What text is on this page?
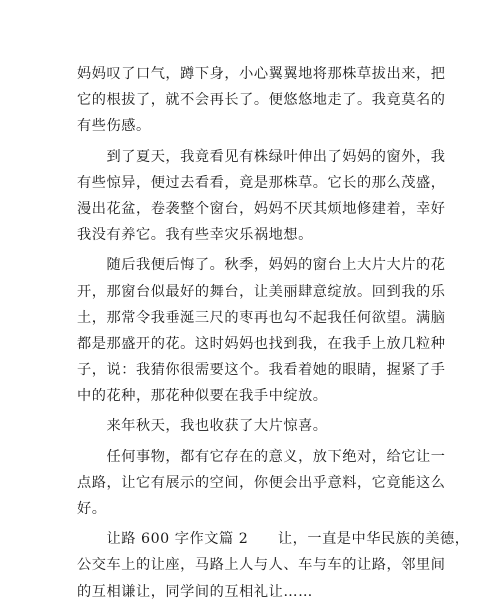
妈妈叹了口气，蹲下身，小心翼翼地将那株草拔出来，把
它的根拔了，就不会再长了。便悠悠地走了。我竟莫名的
有些伤感。
　　到了夏天，我竟看见有株绿叶伸出了妈妈的窗外，我
有些惊异，便过去看看，竟是那株草。它长的那么茂盛，
漫出花盆，卷袭整个窗台，妈妈不厌其烦地修建着，幸好
我没有养它。我有些幸灾乐祸地想。
　　随后我便后悔了。秋季，妈妈的窗台上大片大片的花
开，那窗台似最好的舞台，让美丽肆意绽放。回到我的乐
土，那常令我垂涎三尺的枣再也勾不起我任何欲望。满脑
都是那盛开的花。这时妈妈也找到我，在我手上放几粒种
子，说：我猜你很需要这个。我看着她的眼睛，握紧了手
中的花种，那花种似要在我手中绽放。
　　来年秋天，我也收获了大片惊喜。
　　任何事物，都有它存在的意义，放下绝对，给它让一
点路，让它有展示的空间，你便会出乎意料，它竟能这么
好。
　　让路 600 字作文篇 2　　让，一直是中华民族的美德，
公交车上的让座，马路上人与人、车与车的让路，邻里间
的互相谦让，同学间的互相礼让……
